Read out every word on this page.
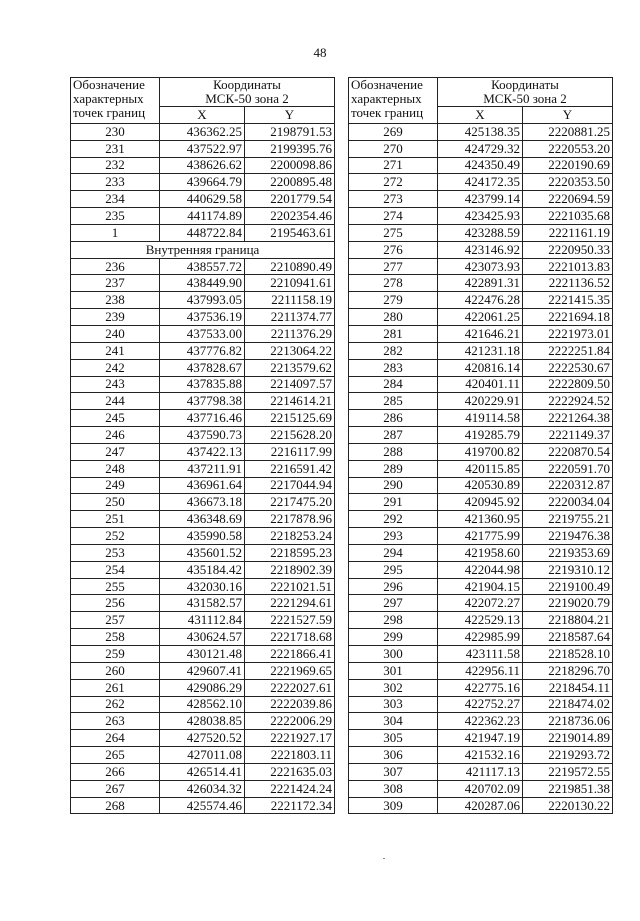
48
Обозначение
характерных
точек границ	Координаты
МСК-50 зона 2	
	X	Y
230	436362.25	2198791.53
231	437522.97	2199395.76
232	438626.62	2200098.86
233	439664.79	2200895.48
234	440629.58	2201779.54
235	441174.89	2202354.46
1	448722.84	2195463.61
Внутренняя граница		
236	438557.72	2210890.49
237	438449.90	2210941.61
238	437993.05	2211158.19
239	437536.19	2211374.77
240	437533.00	2211376.29
241	437776.82	2213064.22
242	437828.67	2213579.62
243	437835.88	2214097.57
244	437798.38	2214614.21
245	437716.46	2215125.69
246	437590.73	2215628.20
247	437422.13	2216117.99
248	437211.91	2216591.42
249	436961.64	2217044.94
250	436673.18	2217475.20
251	436348.69	2217878.96
252	435990.58	2218253.24
253	435601.52	2218595.23
254	435184.42	2218902.39
255	432030.16	2221021.51
256	431582.57	2221294.61
257	431112.84	2221527.59
258	430624.57	2221718.68
259	430121.48	2221866.41
260	429607.41	2221969.65
261	429086.29	2222027.61
262	428562.10	2222039.86
263	428038.85	2222006.29
264	427520.52	2221927.17
265	427011.08	2221803.11
266	426514.41	2221635.03
267	426034.32	2221424.24
268	425574.46	2221172.34
Обозначение
характерных
точек границ	Координаты
МСК-50 зона 2	
	X	Y
269	425138.35	2220881.25
270	424729.32	2220553.20
271	424350.49	2220190.69
272	424172.35	2220353.50
273	423799.14	2220694.59
274	423425.93	2221035.68
275	423288.59	2221161.19
276	423146.92	2220950.33
277	423073.93	2221013.83
278	422891.31	2221136.52
279	422476.28	2221415.35
280	422061.25	2221694.18
281	421646.21	2221973.01
282	421231.18	2222251.84
283	420816.14	2222530.67
284	420401.11	2222809.50
285	420229.91	2222924.52
286	419114.58	2221264.38
287	419285.79	2221149.37
288	419700.82	2220870.54
289	420115.85	2220591.70
290	420530.89	2220312.87
291	420945.92	2220034.04
292	421360.95	2219755.21
293	421775.99	2219476.38
294	421958.60	2219353.69
295	422044.98	2219310.12
296	421904.15	2219100.49
297	422072.27	2219020.79
298	422529.13	2218804.21
299	422985.99	2218587.64
300	423111.58	2218528.10
301	422956.11	2218296.70
302	422775.16	2218454.11
303	422752.27	2218474.02
304	422362.23	2218736.06
305	421947.19	2219014.89
306	421532.16	2219293.72
307	421117.13	2219572.55
308	420702.09	2219851.38
309	420287.06	2220130.22
